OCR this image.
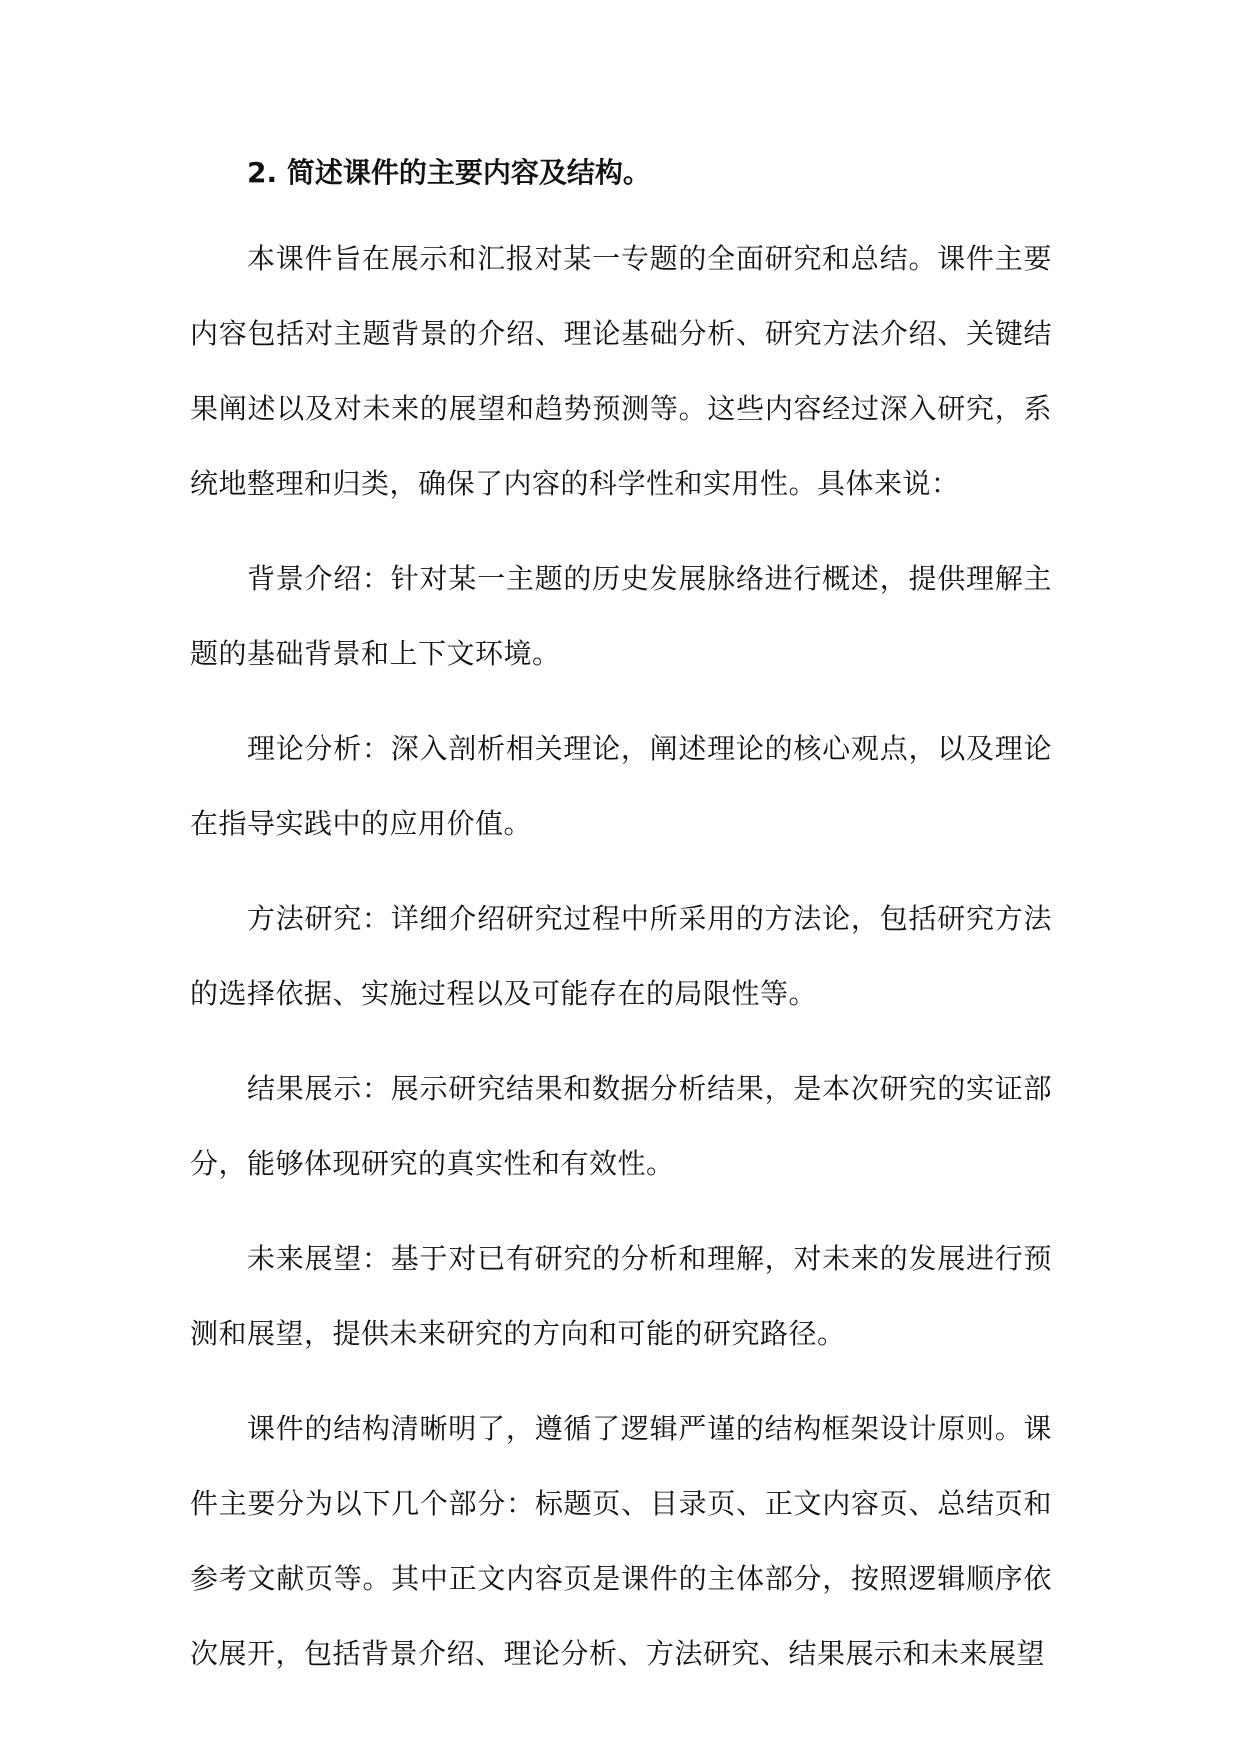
2. 简述课件的主要内容及结构。

本课件旨在展示和汇报对某一专题的全面研究和总结。课件主要内容包括对主题背景的介绍、理论基础分析、研究方法介绍、关键结果阐述以及对未来的展望和趋势预测等。这些内容经过深入研究，系统地整理和归类，确保了内容的科学性和实用性。具体来说：

背景介绍：针对某一主题的历史发展脉络进行概述，提供理解主题的基础背景和上下文环境。

理论分析：深入剖析相关理论，阐述理论的核心观点，以及理论在指导实践中的应用价值。

方法研究：详细介绍研究过程中所采用的方法论，包括研究方法的选择依据、实施过程以及可能存在的局限性等。

结果展示：展示研究结果和数据分析结果，是本次研究的实证部分，能够体现研究的真实性和有效性。

未来展望：基于对已有研究的分析和理解，对未来的发展进行预测和展望，提供未来研究的方向和可能的研究路径。

课件的结构清晰明了，遵循了逻辑严谨的结构框架设计原则。课件主要分为以下几个部分：标题页、目录页、正文内容页、总结页和参考文献页等。其中正文内容页是课件的主体部分，按照逻辑顺序依次展开，包括背景介绍、理论分析、方法研究、结果展示和未来展望
